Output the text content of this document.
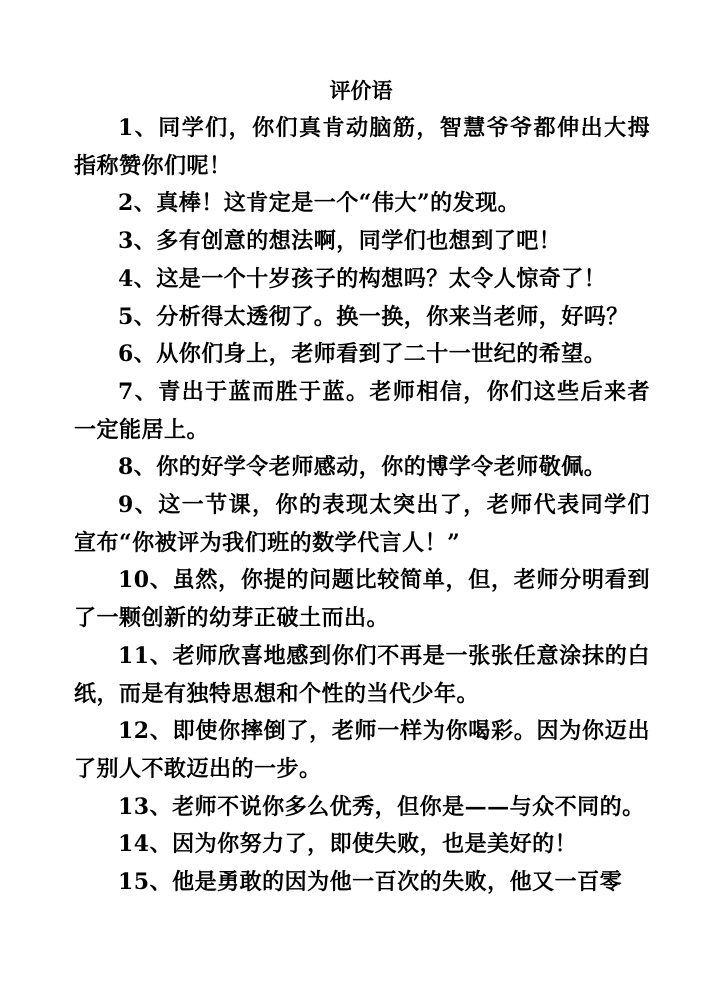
评价语

1、同学们，你们真肯动脑筋，智慧爷爷都伸出大拇指称赞你们呢！

2、真棒！这肯定是一个“伟大”的发现。

3、多有创意的想法啊，同学们也想到了吧！

4、这是一个十岁孩子的构想吗？太令人惊奇了！

5、分析得太透彻了。换一换，你来当老师，好吗？

6、从你们身上，老师看到了二十一世纪的希望。

7、青出于蓝而胜于蓝。老师相信，你们这些后来者一定能居上。

8、你的好学令老师感动，你的博学令老师敬佩。

9、这一节课，你的表现太突出了，老师代表同学们宣布“你被评为我们班的数学代言人！”

10、虽然，你提的问题比较简单，但，老师分明看到了一颗创新的幼芽正破土而出。

11、老师欣喜地感到你们不再是一张张任意涂抹的白纸，而是有独特思想和个性的当代少年。

12、即使你摔倒了，老师一样为你喝彩。因为你迈出了别人不敢迈出的一步。

13、老师不说你多么优秀，但你是——与众不同的。

14、因为你努力了，即使失败，也是美好的！

15、他是勇敢的因为他一百次的失败，他又一百零
